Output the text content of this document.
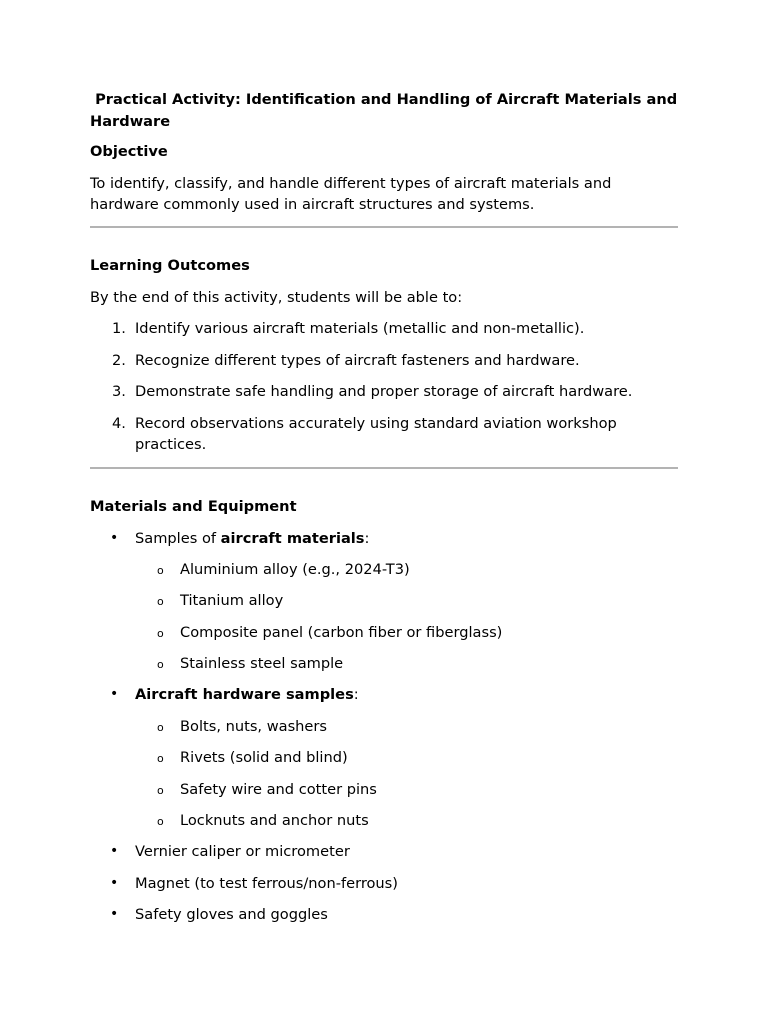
Practical Activity: Identification and Handling of Aircraft Materials and Hardware

Objective

To identify, classify, and handle different types of aircraft materials and hardware commonly used in aircraft structures and systems.

Learning Outcomes

By the end of this activity, students will be able to:

1. Identify various aircraft materials (metallic and non-metallic).
2. Recognize different types of aircraft fasteners and hardware.
3. Demonstrate safe handling and proper storage of aircraft hardware.
4. Record observations accurately using standard aviation workshop practices.

Materials and Equipment

• Samples of aircraft materials:
o Aluminium alloy (e.g., 2024-T3)
o Titanium alloy
o Composite panel (carbon fiber or fiberglass)
o Stainless steel sample
• Aircraft hardware samples:
o Bolts, nuts, washers
o Rivets (solid and blind)
o Safety wire and cotter pins
o Locknuts and anchor nuts
• Vernier caliper or micrometer
• Magnet (to test ferrous/non-ferrous)
• Safety gloves and goggles
